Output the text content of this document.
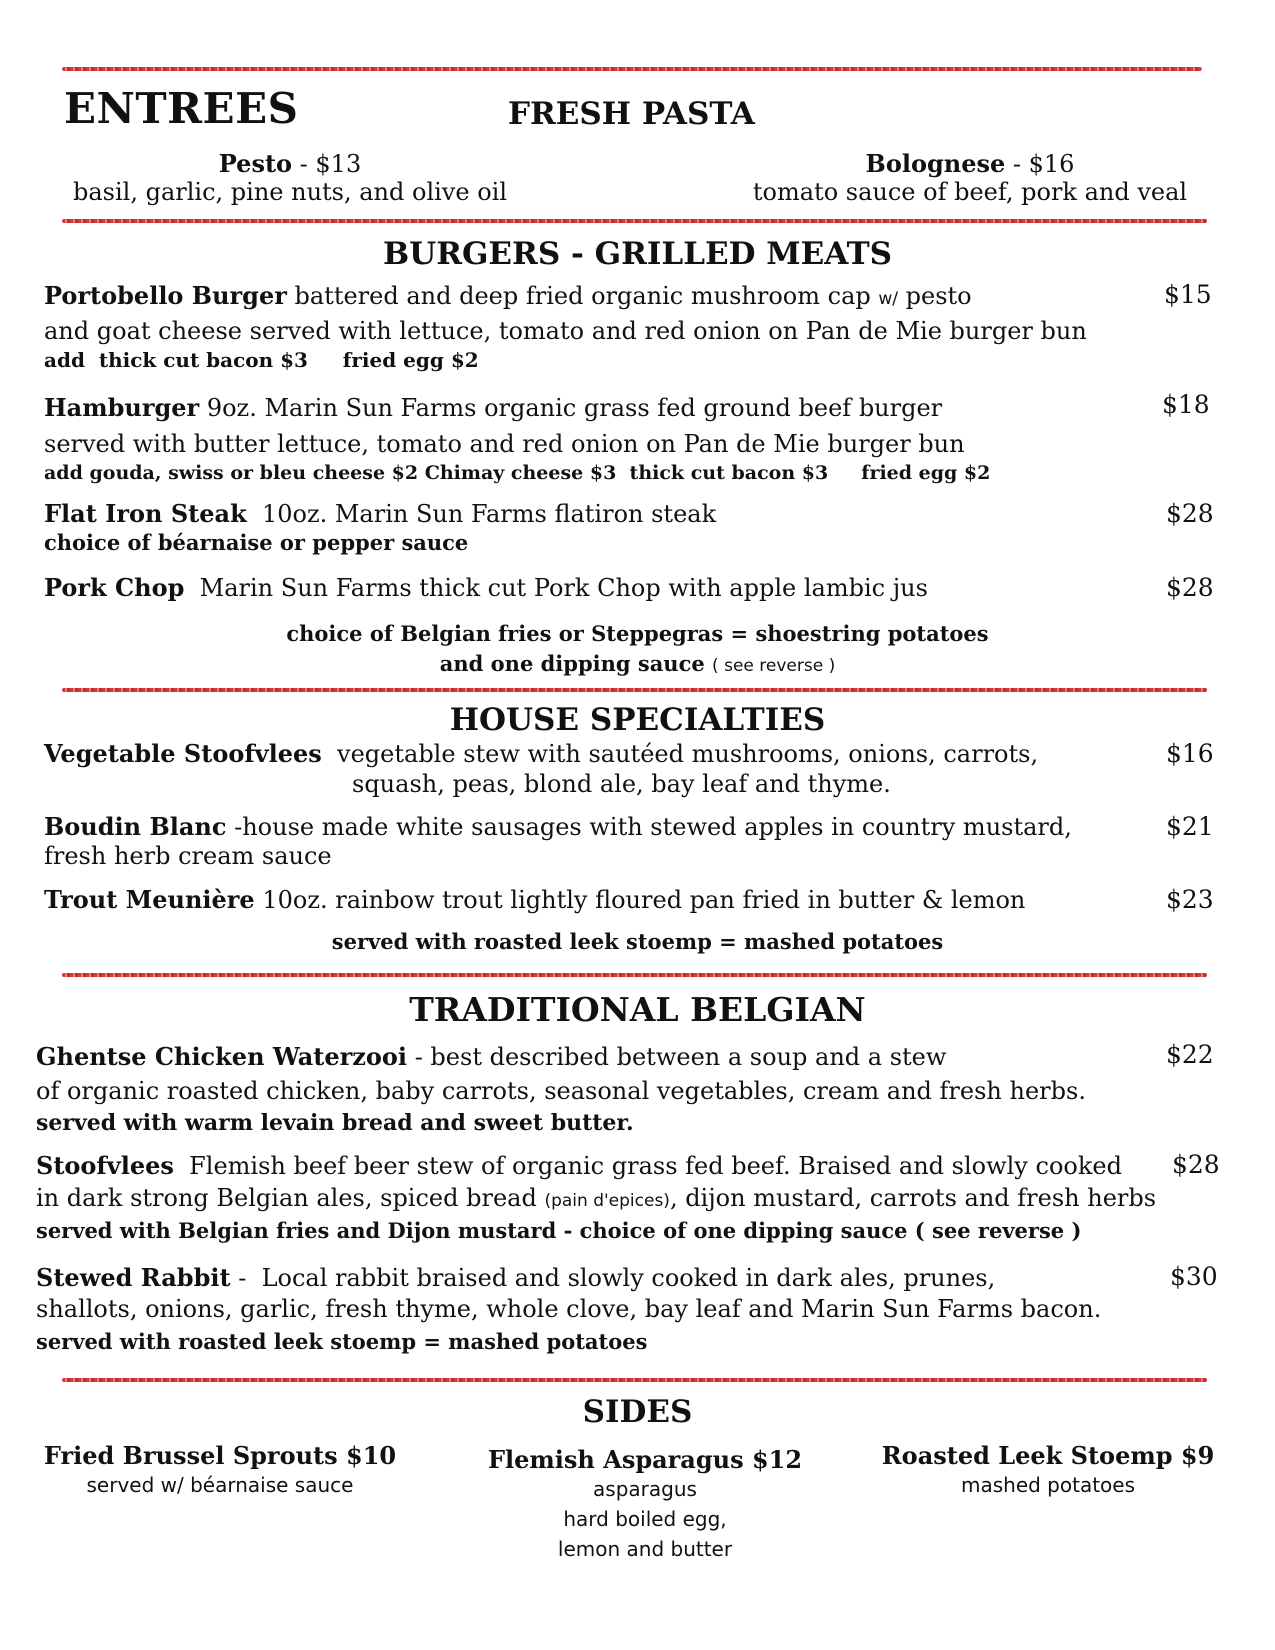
ENTREES	FRESH PASTA
Pesto - $13
basil, garlic, pine nuts, and olive oil
Bolognese - $16
tomato sauce of beef, pork and veal
BURGERS - GRILLED MEATS
Portobello Burger battered and deep fried organic mushroom cap w/ pesto
and goat cheese served with lettuce, tomato and red onion on Pan de Mie burger bun
add  thick cut bacon $3     fried egg $2
$15
Hamburger 9oz. Marin Sun Farms organic grass fed ground beef burger
served with butter lettuce, tomato and red onion on Pan de Mie burger bun
add gouda, swiss or bleu cheese $2 Chimay cheese $3  thick cut bacon $3     fried egg $2
$18
Flat Iron Steak  10oz. Marin Sun Farms flatiron steak
choice of béarnaise or pepper sauce
$28
Pork Chop  Marin Sun Farms thick cut Pork Chop with apple lambic jus	$28
choice of Belgian fries or Steppegras = shoestring potatoes
and one dipping sauce ( see reverse )
HOUSE SPECIALTIES
Vegetable Stoofvlees  vegetable stew with sautéed mushrooms, onions, carrots,
squash, peas, blond ale, bay leaf and thyme.
$16
Boudin Blanc -house made white sausages with stewed apples in country mustard,
fresh herb cream sauce
$21
Trout Meunière 10oz. rainbow trout lightly floured pan fried in butter & lemon	$23
served with roasted leek stoemp = mashed potatoes
TRADITIONAL BELGIAN
Ghentse Chicken Waterzooi - best described between a soup and a stew
of organic roasted chicken, baby carrots, seasonal vegetables, cream and fresh herbs.
served with warm levain bread and sweet butter.
$22
Stoofvlees  Flemish beef beer stew of organic grass fed beef. Braised and slowly cooked
in dark strong Belgian ales, spiced bread (pain d'epices), dijon mustard, carrots and fresh herbs
served with Belgian fries and Dijon mustard - choice of one dipping sauce ( see reverse )
$28
Stewed Rabbit -  Local rabbit braised and slowly cooked in dark ales, prunes,
shallots, onions, garlic, fresh thyme, whole clove, bay leaf and Marin Sun Farms bacon.
served with roasted leek stoemp = mashed potatoes
$30
SIDES
Fried Brussel Sprouts $10
served w/ béarnaise sauce
Flemish Asparagus $12
asparagus
hard boiled egg,
lemon and butter
Roasted Leek Stoemp $9
mashed potatoes
